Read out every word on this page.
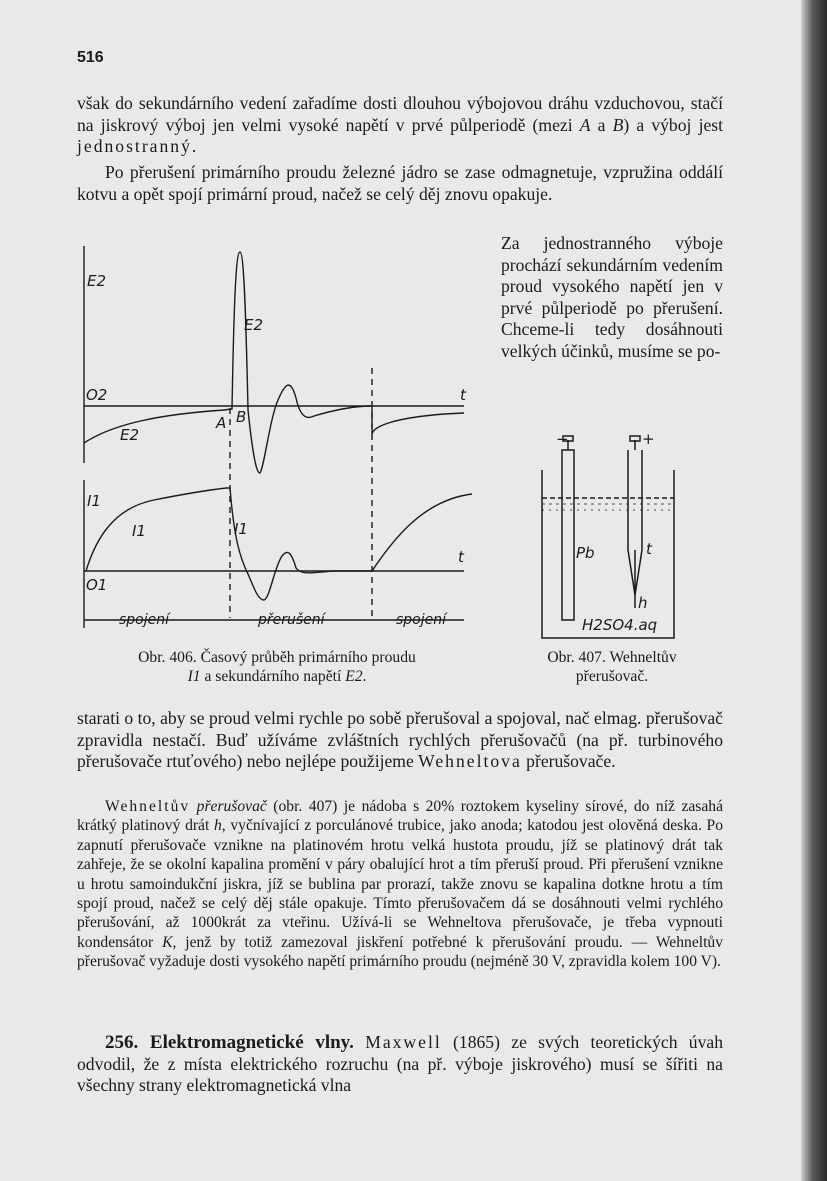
516

však do sekundárního vedení zařadíme dosti dlouhou výbojovou dráhu vzduchovou, stačí na jiskrový výboj jen velmi vysoké napětí v prvé půlperiodě (mezi A a B) a výboj jest jednostranný.

Po přerušení primárního proudu železné jádro se zase odmagnetuje, vzpružina oddálí kotvu a opět spojí primární proud, načež se celý děj znovu opakuje.

E2
E2
E2
O2	t
A B
I1
I1	I1
O1
t
spojení	přerušení	spojení

Za jednostranného výboje prochází sekundárním vedením proud vysokého napětí jen v prvé půlperiodě po přerušení. Chceme-li tedy dosáhnouti velkých účinků, musíme se po-

−	+
Pb	t
h
H2SO4.aq

Obr. 406. Časový průběh primárního proudu
I1 a sekundárního napětí E2.

Obr. 407. Wehneltův
přerušovač.

starati o to, aby se proud velmi rychle po sobě přerušoval a spojoval, nač elmag. přerušovač zpravidla nestačí. Buď užíváme zvláštních rychlých přerušovačů (na př. turbinového přerušovače rtuťového) nebo nejlépe použijeme Wehneltova přerušovače.

Wehneltův přerušovač (obr. 407) je nádoba s 20% roztokem kyseliny sírové, do níž zasahá krátký platinový drát h, vyčnívající z porculánové trubice, jako anoda; katodou jest olověná deska. Po zapnutí přerušovače vznikne na platinovém hrotu velká hustota proudu, jíž se platinový drát tak zahřeje, že se okolní kapalina promění v páry obalující hrot a tím přeruší proud. Při přerušení vznikne u hrotu samoindukční jiskra, jíž se bublina par prorazí, takže znovu se kapalina dotkne hrotu a tím spojí proud, načež se celý děj stále opakuje. Tímto přerušovačem dá se dosáhnouti velmi rychlého přerušování, až 1000krát za vteřinu. Užívá-li se Wehneltova přerušovače, je třeba vypnouti kondensátor K, jenž by totiž zamezoval jiskření potřebné k přerušování proudu. — Wehneltův přerušovač vyžaduje dosti vysokého napětí primárního proudu (nejméně 30 V, zpravidla kolem 100 V).

256. Elektromagnetické vlny. Maxwell (1865) ze svých teoretických úvah odvodil, že z místa elektrického rozruchu (na př. výboje jiskrového) musí se šířiti na všechny strany elektromagnetická vlna
